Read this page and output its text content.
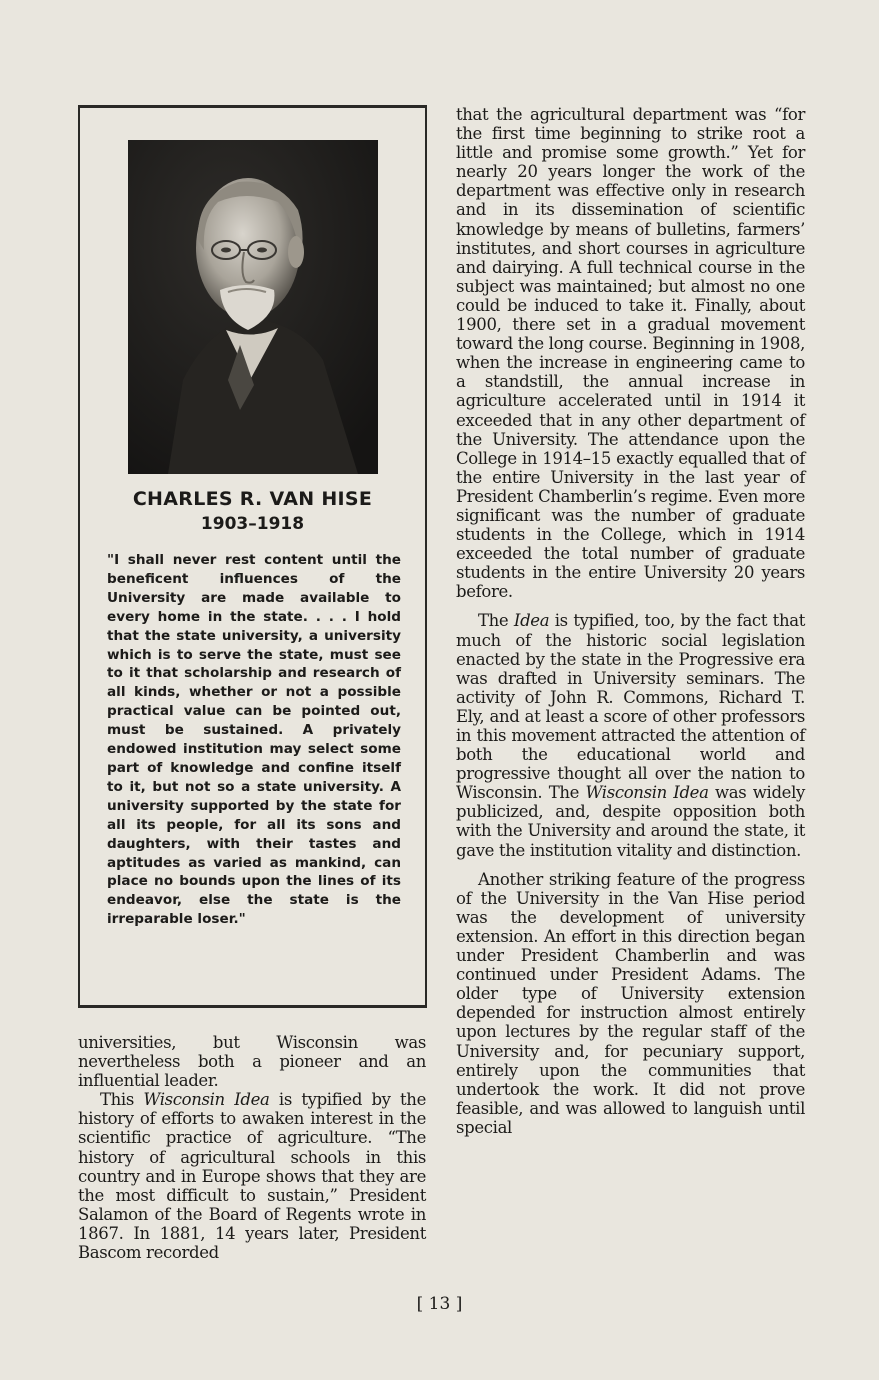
CHARLES R. VAN HISE
1903–1918
"I shall never rest content until the beneficent influences of the University are made available to every home in the state. . . . I hold that the state university, a university which is to serve the state, must see to it that scholarship and research of all kinds, whether or not a possible practical value can be pointed out, must be sustained. A privately endowed institution may select some part of knowledge and confine itself to it, but not so a state university. A university supported by the state for all its people, for all its sons and daughters, with their tastes and aptitudes as varied as mankind, can place no bounds upon the lines of its endeavor, else the state is the irreparable loser."

universities, but Wisconsin was nevertheless both a pioneer and an influential leader.

This Wisconsin Idea is typified by the history of efforts to awaken interest in the scientific practice of agriculture. “The history of agricultural schools in this country and in Europe shows that they are the most difficult to sustain,” President Salamon of the Board of Regents wrote in 1867. In 1881, 14 years later, President Bascom recorded

that the agricultural department was “for the first time beginning to strike root a little and promise some growth.” Yet for nearly 20 years longer the work of the department was effective only in research and in its dissemination of scientific knowledge by means of bulletins, farmers’ institutes, and short courses in agriculture and dairying. A full technical course in the subject was maintained; but almost no one could be induced to take it. Finally, about 1900, there set in a gradual movement toward the long course. Beginning in 1908, when the increase in engineering came to a standstill, the annual increase in agriculture accelerated until in 1914 it exceeded that in any other department of the University. The attendance upon the College in 1914–15 exactly equalled that of the entire University in the last year of President Chamberlin’s regime. Even more significant was the number of graduate students in the College, which in 1914 exceeded the total number of graduate students in the entire University 20 years before.

The Idea is typified, too, by the fact that much of the historic social legislation enacted by the state in the Progressive era was drafted in University seminars. The activity of John R. Commons, Richard T. Ely, and at least a score of other professors in this movement attracted the attention of both the educational world and progressive thought all over the nation to Wisconsin. The Wisconsin Idea was widely publicized, and, despite opposition both with the University and around the state, it gave the institution vitality and distinction.

Another striking feature of the progress of the University in the Van Hise period was the development of university extension. An effort in this direction began under President Chamberlin and was continued under President Adams. The older type of University extension depended for instruction almost entirely upon lectures by the regular staff of the University and, for pecuniary support, entirely upon the communities that undertook the work. It did not prove feasible, and was allowed to languish until special

[ 13 ]
